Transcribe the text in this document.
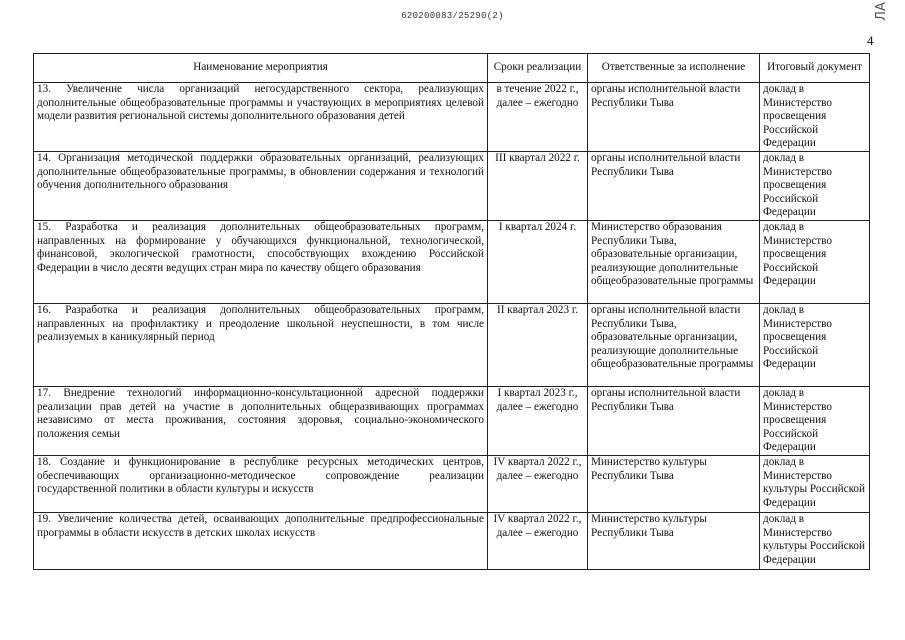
620200083/25290(2)	ЛА
4
Наименование мероприятия	Сроки реализации	Ответственные за исполнение	Итоговый документ
13. Увеличение числа организаций негосударственного сектора, реализующих дополнительные общеобразовательные программы и участвующих в мероприятиях целевой модели развития региональной системы дополнительного образования детей	в течение 2022 г., далее – ежегодно	органы исполнительной власти Республики Тыва	доклад в Министерство просвещения Российской Федерации
14. Организация методической поддержки образовательных организаций, реализующих дополнительные общеобразовательные программы, в обновлении содержания и технологий обучения дополнительного образования	III квартал 2022 г.	органы исполнительной власти Республики Тыва	доклад в Министерство просвещения Российской Федерации
15. Разработка и реализация дополнительных общеобразовательных программ, направленных на формирование у обучающихся функциональной, технологической, финансовой, экологической грамотности, способствующих вхождению Российской Федерации в число десяти ведущих стран мира по качеству общего образования	I квартал 2024 г.	Министерство образования Республики Тыва, образовательные организации, реализующие дополнительные общеобразовательные программы	доклад в Министерство просвещения Российской Федерации
16. Разработка и реализация дополнительных общеобразовательных программ, направленных на профилактику и преодоление школьной неуспешности, в том числе реализуемых в каникулярный период	II квартал 2023 г.	органы исполнительной власти Республики Тыва, образовательные организации, реализующие дополнительные общеобразовательные программы	доклад в Министерство просвещения Российской Федерации
17. Внедрение технологий информационно-консультационной адресной поддержки реализации прав детей на участие в дополнительных общеразвивающих программах независимо от места проживания, состояния здоровья, социально-экономического положения семьи	I квартал 2023 г., далее – ежегодно	органы исполнительной власти Республики Тыва	доклад в Министерство просвещения Российской Федерации
18. Создание и функционирование в республике ресурсных методических центров, обеспечивающих организационно-методическое сопровождение реализации государственной политики в области культуры и искусств	IV квартал 2022 г., далее – ежегодно	Министерство культуры Республики Тыва	доклад в Министерство культуры Российской Федерации
19. Увеличение количества детей, осваивающих дополнительные предпрофессиональные программы в области искусств в детских школах искусств	IV квартал 2022 г., далее – ежегодно	Министерство культуры Республики Тыва	доклад в Министерство культуры Российской Федерации
